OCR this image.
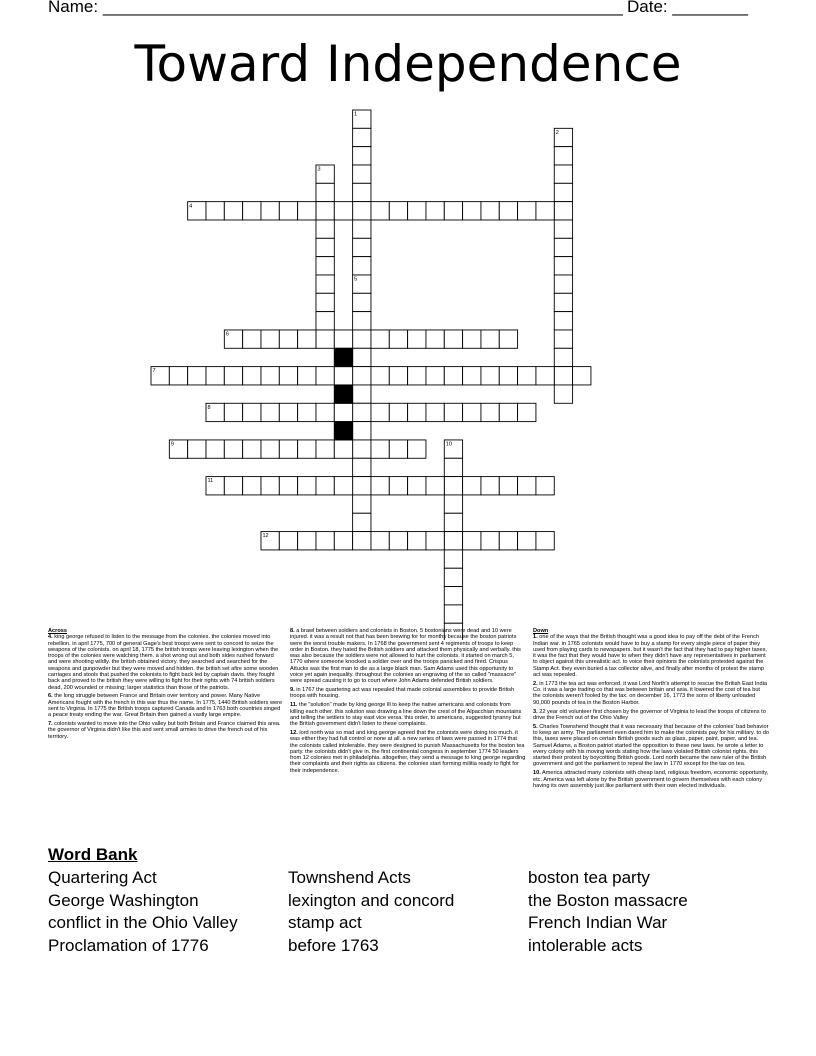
Name: _______________________________________________________ Date: ________
Toward Independence
1
2
3
4
5
6
7
8
9	10
11
12
Across

4. king george refused to listen to the message from the colonies. the colonies moved into rebellion. in april 1775, 700 of general Gage's best troops were sent to concord to seize the weapons of the colonists. on april 18, 1775 the british troops were leaving lexington when the troops of the colonies were watching them. a shot wrong out and both sides rushed forward and were shooting wildly. the british obtained victory. they searched and searched for the weapons and gunpowder but they were moved and hidden. the british set afire some wooden carriages and stools that pushed the colonists to fight back led by captain davis. they fought back and proved to the british they were willing to fight for their rights with 74 british soldiers dead, 200 wounded or missing; larger statistics than those of the patriots.

6. the long struggle between France and Britain over territory and power. Many Native Americans fought with the french in this war thus the name. In 1775, 1440 British soldiers were sent to Virginia. In 1775 the British troops captured Canada and in 1763 both countries singed a peace treaty ending the war. Great Britain then gained a vastly large empire.

7. colonists wanted to move into the Ohio valley but both Britain and France claimed this area. the governor of Virginia didn't like this and sent small armies to drive the french out of his territory.

8. a brawl between soldiers and colonists in Boston. 5 bostonians were dead and 10 were injured. it was a result not that has been brewing for for months because the boston patriots were the worst trouble makers. In 1768 the government sent 4 regiments of troops to keep order in Boston. they hated the British soldiers and attacked them physically and verbally. this was also because the soldiers were not allowed to hurt the colonists. it started on march 5, 1770 where someone knocked a soldier over and the troops panicked and fired. Crispus Attucks was the first man to die as a large black man. Sam Adams used this opportunity to voice yet again inequality. throughout the colonies an engraving of the so called "massacre" were spread causing it to go to court where John Adams defended British soldiers.

9. in 1767 the quartering act was repealed that made colonial assemblies to provide British troops with housing.

11. the "solution" made by king george lll to keep the native americans and colonists from killing each other. this solution was drawing a line down the crest of the Alpacchian mountains and telling the settlers to stay east vice versa. this order, to americans, suggested tyranny but the British government didn't listen to these complaints.

12. lord north was so mad and king george agreed that the colonists were doing too much. it was either they had full control or none at all. a new series of laws were passed in 1774 that the colonists called intolerable. they were designed to punish Massachusetts for the boston tea party. the colonists didn't give in. the first continental congress in september 1774 50 leaders from 12 colonies met in philadelphia. altogether, they send a message to king george regarding their complaints and their rights as citizens. the colonies start forming militia ready to fight for their independence.

Down

1. one of the ways that the British thought was a good idea to pay off the debt of the French Indian war. in 1765 colonists would have to buy a stamp for every single piece of paper they used from playing cards to newspapers. but it wasn't the fact that they had to pay higher taxes, it was the fact that they would have to when they didn't have any representatives in parliament to object against this unrealistic act. to voice their opinions the colonists protested against the Stamp Act. they even buried a tax collector alive, and finally after months of protest the stamp act was repealed.

2. in 1773 the tea act was enforced. it was Lord North's attempt to rescue the British East India Co. it was a large trading co that was between britain and asia. it lowered the cost of tea but the colonists weren't fooled by the tax. on december 16, 1773 the sons of liberty unloaded 90,000 pounds of tea in the Boston Harbor.

3. 22 year old volunteer first chosen by the governor of Virginia to lead the troops of citizens to drive the French out of the Ohio Valley

5. Charles Townshend thought that it was necessary that because of the colonies' bad behavior to keep an army. The parliament even dared him to make the colonists pay for his military. to do this, taxes were placed on certain British goods such as glass, paper, paint, paper, and tea. Samuel Adams, a Boston patriot started the opposition to these new laws. he wrote a letter to every colony with his moving words stating how the laws violated British colonist rights. this started their protest by boycotting British goods. Lord north became the new ruler of the British government and got the parliament to repeal the law in 1770 except for the tax on tea.

10. America attracted many colonists with cheap land, religious freedom, economic opportunity, etc. America was left alone by the British government to govern themselves with each colony having its own assembly just like parliament with their own elected individuals.

Word Bank
Quartering Act
George Washington
conflict in the Ohio Valley
Proclamation of 1776
Townshend Acts
lexington and concord
stamp act
before 1763
boston tea party
the Boston massacre
French Indian War
intolerable acts
